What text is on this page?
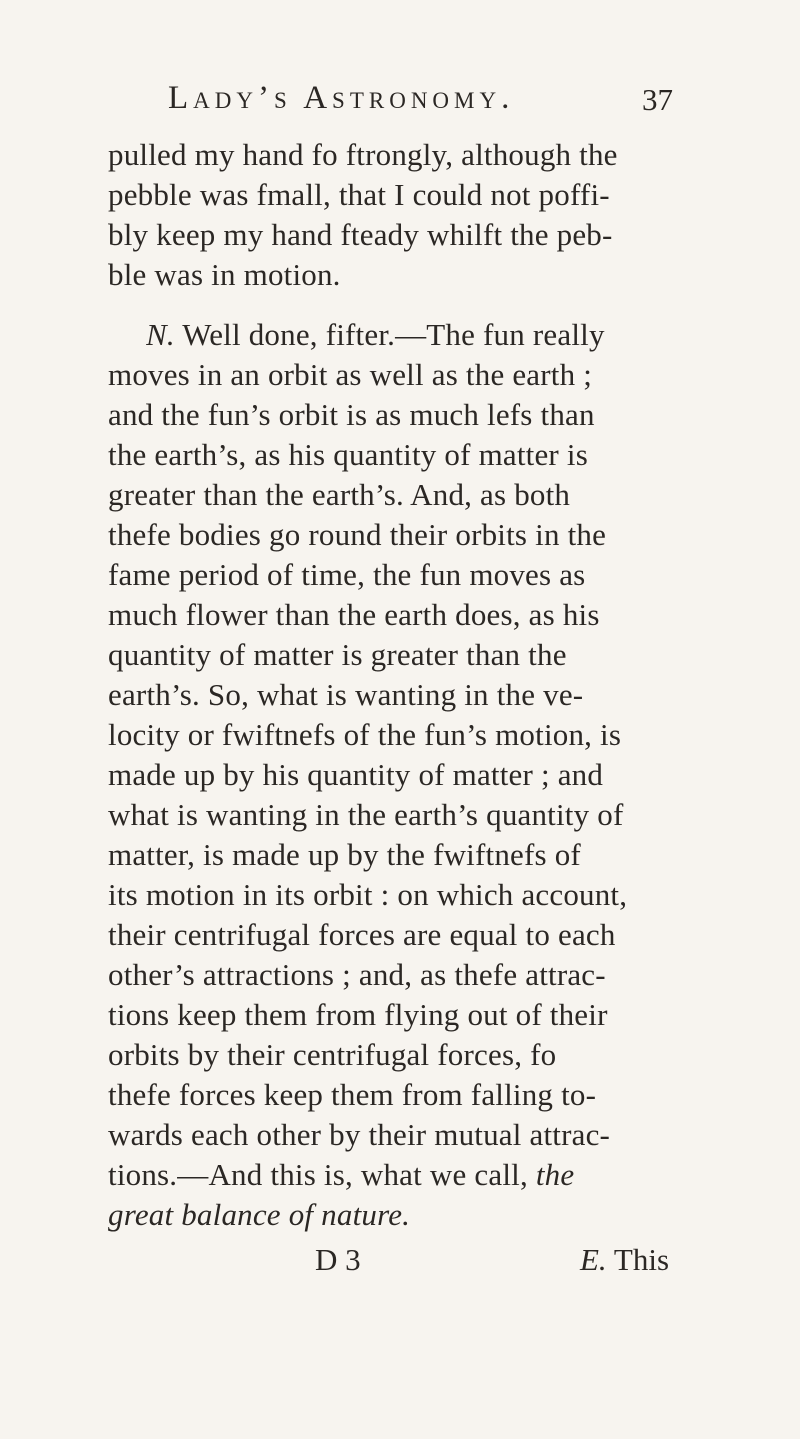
Lady’s Astronomy.	37
pulled my hand fo ftrongly, although the
pebble was fmall, that I could not poffi-
bly keep my hand fteady whilft the peb-
ble was in motion.
N. Well done, fifter.—The fun really
moves in an orbit as well as the earth ;
and the fun’s orbit is as much lefs than
the earth’s, as his quantity of matter is
greater than the earth’s. And, as both
thefe bodies go round their orbits in the
fame period of time, the fun moves as
much flower than the earth does, as his
quantity of matter is greater than the
earth’s. So, what is wanting in the ve-
locity or fwiftnefs of the fun’s motion, is
made up by his quantity of matter ; and
what is wanting in the earth’s quantity of
matter, is made up by the fwiftnefs of
its motion in its orbit : on which account,
their centrifugal forces are equal to each
other’s attractions ; and, as thefe attrac-
tions keep them from flying out of their
orbits by their centrifugal forces, fo
thefe forces keep them from falling to-
wards each other by their mutual attrac-
tions.—And this is, what we call, the
great balance of nature.
D 3	E. This
